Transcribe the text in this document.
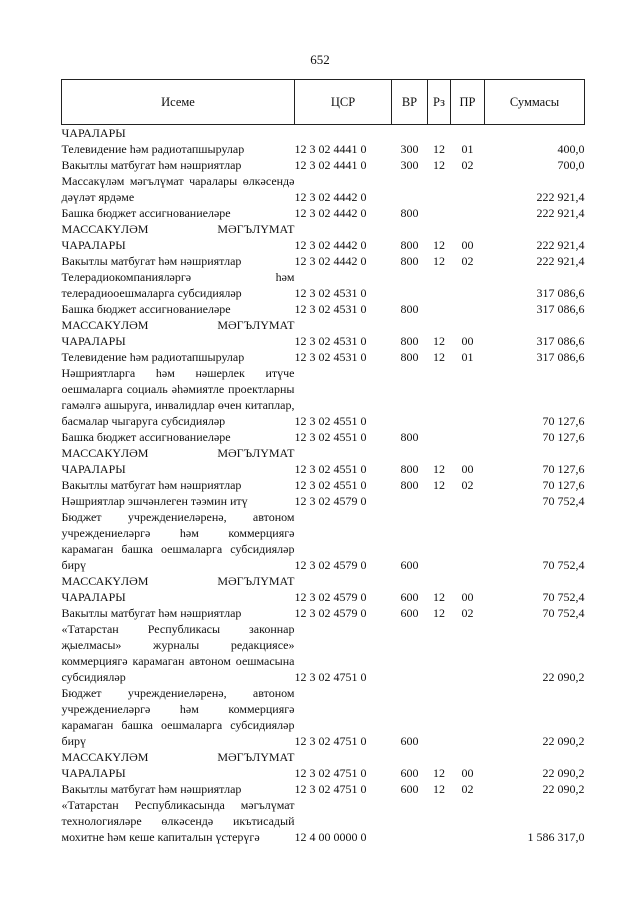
652
Исеме	ЦСР	ВР	Рз	ПР	Суммасы
ЧАРАЛАРЫ					
Телевидение һәм радиотапшырулар	12 3 02 4441 0	300	12	01	400,0
Вакытлы матбугат һәм нәшриятлар	12 3 02 4441 0	300	12	02	700,0
Массакүләм мәгълүмат чаралары өлкәсендә дәүләт ярдәме	12 3 02 4442 0				222 921,4
Башка бюджет ассигнованиеләре	12 3 02 4442 0	800			222 921,4
МАССАКҮЛӘМ МӘГЪЛҮМАТ ЧАРАЛАРЫ	12 3 02 4442 0	800	12	00	222 921,4
Вакытлы матбугат һәм нәшриятлар	12 3 02 4442 0	800	12	02	222 921,4
Телерадиокомпанияләргә һәм телерадиооешмаларга субсидияләр	12 3 02 4531 0				317 086,6
Башка бюджет ассигнованиеләре	12 3 02 4531 0	800			317 086,6
МАССАКҮЛӘМ МӘГЪЛҮМАТ ЧАРАЛАРЫ	12 3 02 4531 0	800	12	00	317 086,6
Телевидение һәм радиотапшырулар	12 3 02 4531 0	800	12	01	317 086,6
Нәшриятларга һәм нәшерлек итүче оешмаларга социаль әһәмиятле проектларны гамәлгә ашыруга, инвалидлар өчен китаплар, басмалар чыгаруга субсидияләр	12 3 02 4551 0				70 127,6
Башка бюджет ассигнованиеләре	12 3 02 4551 0	800			70 127,6
МАССАКҮЛӘМ МӘГЪЛҮМАТ ЧАРАЛАРЫ	12 3 02 4551 0	800	12	00	70 127,6
Вакытлы матбугат һәм нәшриятлар	12 3 02 4551 0	800	12	02	70 127,6
Нәшриятлар эшчәнлеген тәэмин итү	12 3 02 4579 0				70 752,4
Бюджет учреждениеләренә, автоном учреждениеләргә һәм коммерциягә карамаган башка оешмаларга субсидияләр бирү	12 3 02 4579 0	600			70 752,4
МАССАКҮЛӘМ МӘГЪЛҮМАТ ЧАРАЛАРЫ	12 3 02 4579 0	600	12	00	70 752,4
Вакытлы матбугат һәм нәшриятлар	12 3 02 4579 0	600	12	02	70 752,4
«Татарстан Республикасы законнар җыелмасы» журналы редакциясе» коммерциягә карамаган автоном оешмасына субсидияләр	12 3 02 4751 0				22 090,2
Бюджет учреждениеләренә, автоном учреждениеләргә һәм коммерциягә карамаган башка оешмаларга субсидияләр бирү	12 3 02 4751 0	600			22 090,2
МАССАКҮЛӘМ МӘГЪЛҮМАТ ЧАРАЛАРЫ	12 3 02 4751 0	600	12	00	22 090,2
Вакытлы матбугат һәм нәшриятлар	12 3 02 4751 0	600	12	02	22 090,2
«Татарстан Республикасында мәгълүмат технологияләре өлкәсендә икътисадый мохитне һәм кеше капиталын үстерүгә	12 4 00 0000 0				1 586 317,0
